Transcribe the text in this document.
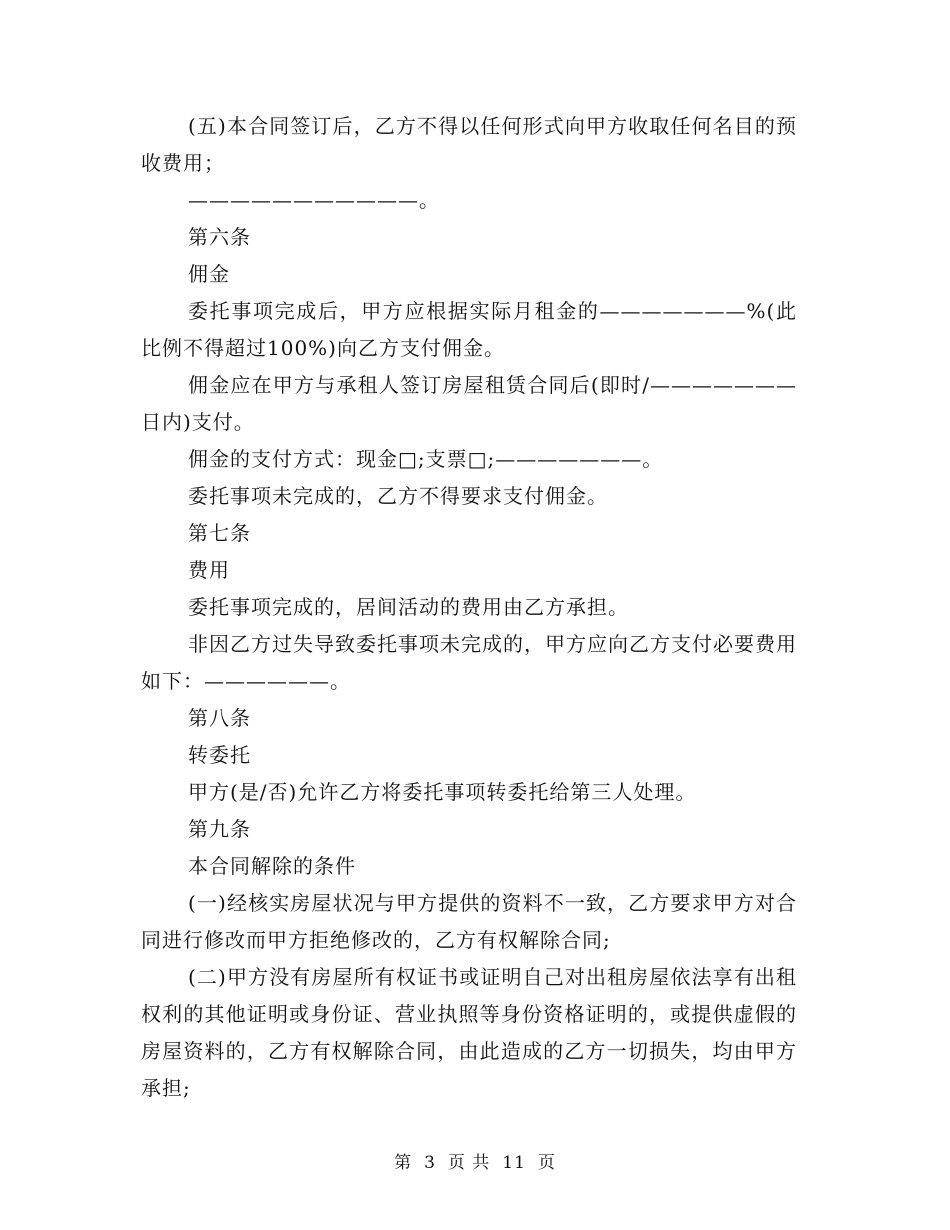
(五)本合同签订后，乙方不得以任何形式向甲方收取任何名目的预收费用；

———————————。

第六条

佣金

委托事项完成后，甲方应根据实际月租金的———————%(此比例不得超过100%)向乙方支付佣金。

佣金应在甲方与承租人签订房屋租赁合同后(即时/———————日内)支付。

佣金的支付方式：现金□;支票□;———————。

委托事项未完成的，乙方不得要求支付佣金。

第七条

费用

委托事项完成的，居间活动的费用由乙方承担。

非因乙方过失导致委托事项未完成的，甲方应向乙方支付必要费用如下：——————。

第八条

转委托

甲方(是/否)允许乙方将委托事项转委托给第三人处理。

第九条

本合同解除的条件

(一)经核实房屋状况与甲方提供的资料不一致，乙方要求甲方对合同进行修改而甲方拒绝修改的，乙方有权解除合同;

(二)甲方没有房屋所有权证书或证明自己对出租房屋依法享有出租权利的其他证明或身份证、营业执照等身份资格证明的，或提供虚假的房屋资料的，乙方有权解除合同，由此造成的乙方一切损失，均由甲方承担;

第 3 页 共 11 页
